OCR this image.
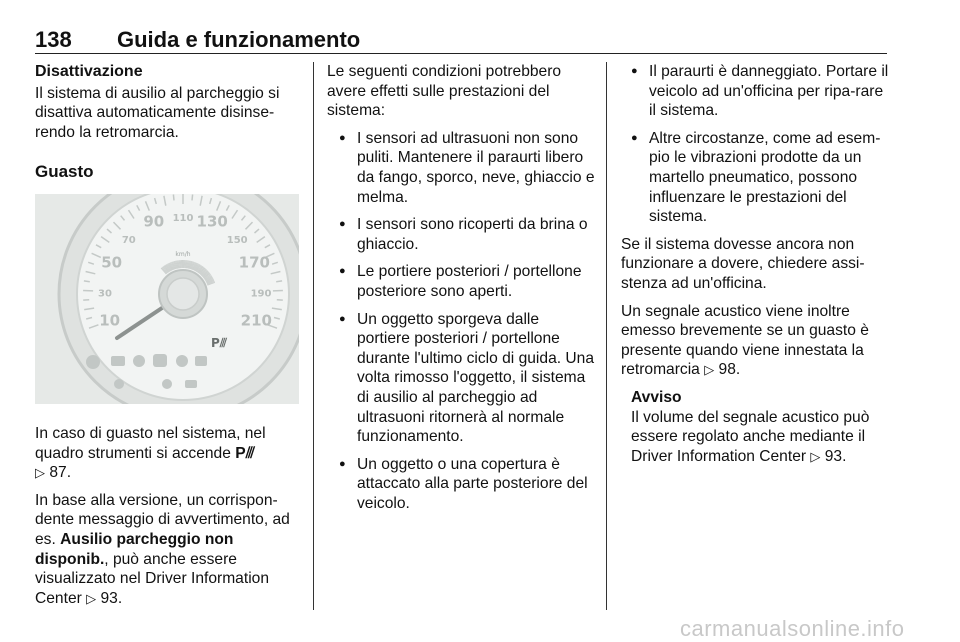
138 Guida e funzionamento
Disattivazione

Il sistema di ausilio al parcheggio si disattiva automaticamente disinse-rendo la retromarcia.

Guasto
10
30
50
70
90 110 130
150
170
190
210
km/h
P⫻

In caso di guasto nel sistema, nel quadro strumenti si accende P⫻
▷ 87.

In base alla versione, un corrispon-dente messaggio di avvertimento, ad es. Ausilio parcheggio non disponib., può anche essere visualizzato nel Driver Information Center ▷ 93.

Le seguenti condizioni potrebbero avere effetti sulle prestazioni del sistema:

● I sensori ad ultrasuoni non sono puliti. Mantenere il paraurti libero da fango, sporco, neve, ghiaccio e melma.
● I sensori sono ricoperti da brina o ghiaccio.
● Le portiere posteriori / portellone posteriore sono aperti.
● Un oggetto sporgeva dalle portiere posteriori / portellone durante l'ultimo ciclo di guida. Una volta rimosso l'oggetto, il sistema di ausilio al parcheggio ad ultrasuoni ritornerà al normale funzionamento.
● Un oggetto o una copertura è attaccato alla parte posteriore del veicolo.
● Il paraurti è danneggiato. Portare il veicolo ad un'officina per ripa-rare il sistema.
● Altre circostanze, come ad esem-pio le vibrazioni prodotte da un martello pneumatico, possono influenzare le prestazioni del sistema.

Se il sistema dovesse ancora non funzionare a dovere, chiedere assi-stenza ad un'officina.

Un segnale acustico viene inoltre emesso brevemente se un guasto è presente quando viene innestata la retromarcia ▷ 98.

Avviso

Il volume del segnale acustico può essere regolato anche mediante il Driver Information Center ▷ 93.

carmanualsonline.info
